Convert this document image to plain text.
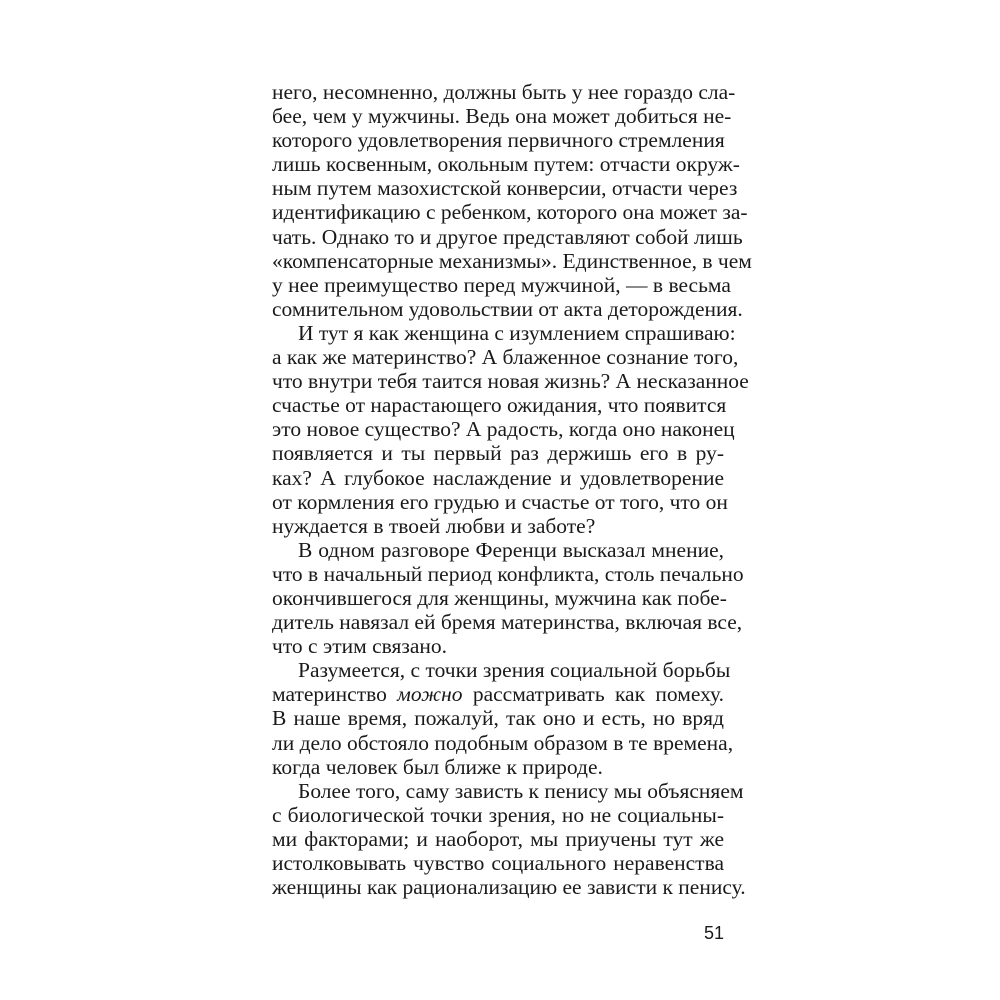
него, несомненно, должны быть у нее гораздо сла-
бее, чем у мужчины. Ведь она может добиться не-
которого удовлетворения первичного стремления
лишь косвенным, окольным путем: отчасти окруж-
ным путем мазохистской конверсии, отчасти через
идентификацию с ребенком, которого она может за-
чать. Однако то и другое представляют собой лишь
«компенсаторные механизмы». Единственное, в чем
у нее преимущество перед мужчиной, — в весьма
сомнительном удовольствии от акта деторождения.
И тут я как женщина с изумлением спрашиваю:
а как же материнство? А блаженное сознание того,
что внутри тебя таится новая жизнь? А несказанное
счастье от нарастающего ожидания, что появится
это новое существо? А радость, когда оно наконец
появляется и ты первый раз держишь его в ру-
ках? А глубокое наслаждение и удовлетворение
от кормления его грудью и счастье от того, что он
нуждается в твоей любви и заботе?
В одном разговоре Ференци высказал мнение,
что в начальный период конфликта, столь печально
окончившегося для женщины, мужчина как побе-
дитель навязал ей бремя материнства, включая все,
что с этим связано.
Разумеется, с точки зрения социальной борьбы
материнство можно рассматривать как помеху.
В наше время, пожалуй, так оно и есть, но вряд
ли дело обстояло подобным образом в те времена,
когда человек был ближе к природе.
Более того, саму зависть к пенису мы объясняем
с биологической точки зрения, но не социальны-
ми факторами; и наоборот, мы приучены тут же
истолковывать чувство социального неравенства
женщины как рационализацию ее зависти к пенису.
51
